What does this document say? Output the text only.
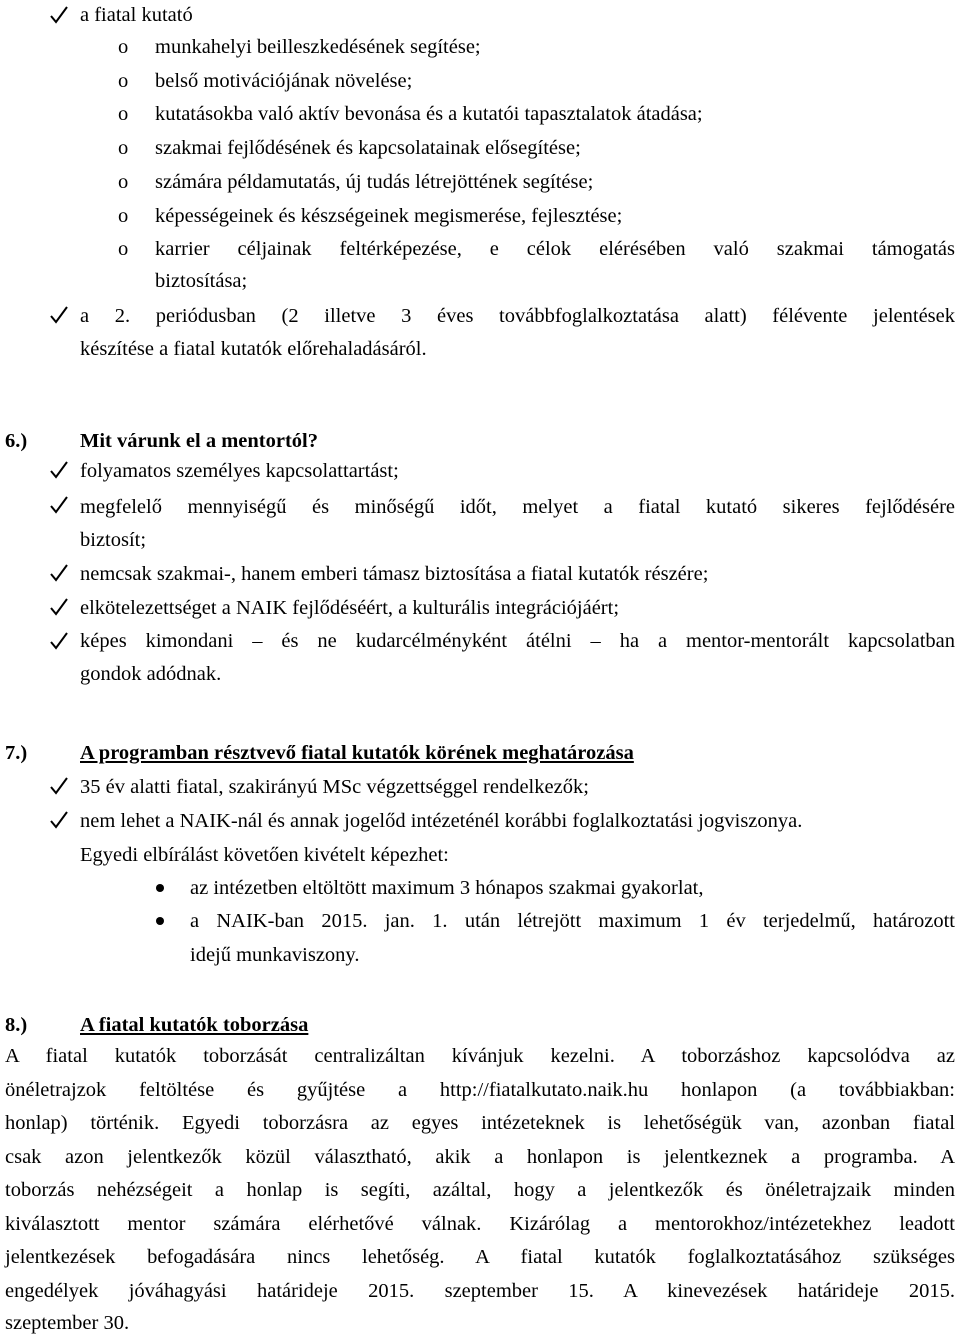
a fiatal kutató
o munkahelyi beilleszkedésének segítése;
o belső motivációjának növelése;
o kutatásokba való aktív bevonása és a kutatói tapasztalatok átadása;
o szakmai fejlődésének és kapcsolatainak elősegítése;
o számára példamutatás, új tudás létrejöttének segítése;
o képességeinek és készségeinek megismerése, fejlesztése;
o karrier céljainak feltérképezése, e célok elérésében való szakmai támogatás
biztosítása;
a 2. periódusban (2 illetve 3 éves továbbfoglalkoztatása alatt) félévente jelentések
készítése a fiatal kutatók előrehaladásáról.
6.)	Mit várunk el a mentortól?
folyamatos személyes kapcsolattartást;
megfelelő mennyiségű és minőségű időt, melyet a fiatal kutató sikeres fejlődésére
biztosít;
nemcsak szakmai-, hanem emberi támasz biztosítása a fiatal kutatók részére;
elkötelezettséget a NAIK fejlődéséért, a kulturális integrációjáért;
képes kimondani – és ne kudarcélményként átélni – ha a mentor-mentorált kapcsolatban
gondok adódnak.
7.)	A programban résztvevő fiatal kutatók körének meghatározása
35 év alatti fiatal, szakirányú MSc végzettséggel rendelkezők;
nem lehet a NAIK-nál és annak jogelőd intézeténél korábbi foglalkoztatási jogviszonya.
Egyedi elbírálást követően kivételt képezhet:
az intézetben eltöltött maximum 3 hónapos szakmai gyakorlat,
a NAIK-ban 2015. jan. 1. után létrejött maximum 1 év terjedelmű, határozott
idejű munkaviszony.
8.)	A fiatal kutatók toborzása
A fiatal kutatók toborzását centralizáltan kívánjuk kezelni. A toborzáshoz kapcsolódva az
önéletrajzok feltöltése és gyűjtése a http://fiatalkutato.naik.hu honlapon (a továbbiakban:
honlap) történik. Egyedi toborzásra az egyes intézeteknek is lehetőségük van, azonban fiatal
csak azon jelentkezők közül választható, akik a honlapon is jelentkeznek a programba. A
toborzás nehézségeit a honlap is segíti, azáltal, hogy a jelentkezők és önéletrajzaik minden
kiválasztott mentor számára elérhetővé válnak. Kizárólag a mentorokhoz/intézetekhez leadott
jelentkezések befogadására nincs lehetőség. A fiatal kutatók foglalkoztatásához szükséges
engedélyek jóváhagyási határideje 2015. szeptember 15. A kinevezések határideje 2015.
szeptember 30.
